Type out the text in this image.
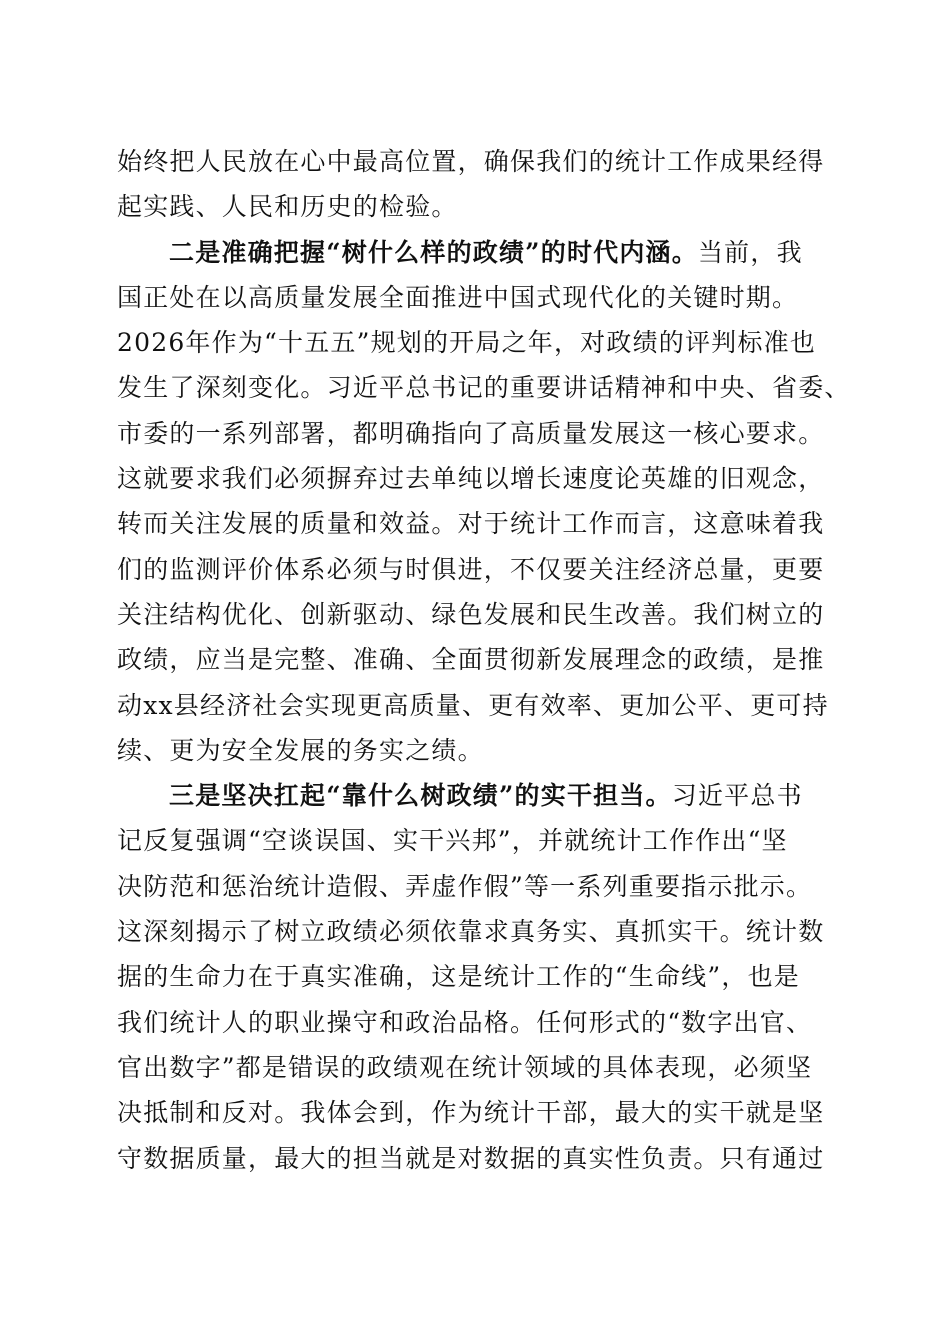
始终把人民放在心中最高位置，确保我们的统计工作成果经得
起实践、人民和历史的检验。
二是准确把握“树什么样的政绩”的时代内涵。当前，我
国正处在以高质量发展全面推进中国式现代化的关键时期。
2026年作为“十五五”规划的开局之年，对政绩的评判标准也
发生了深刻变化。习近平总书记的重要讲话精神和中央、省委、
市委的一系列部署，都明确指向了高质量发展这一核心要求。
这就要求我们必须摒弃过去单纯以增长速度论英雄的旧观念，
转而关注发展的质量和效益。对于统计工作而言，这意味着我
们的监测评价体系必须与时俱进，不仅要关注经济总量，更要
关注结构优化、创新驱动、绿色发展和民生改善。我们树立的
政绩，应当是完整、准确、全面贯彻新发展理念的政绩，是推
动xx县经济社会实现更高质量、更有效率、更加公平、更可持
续、更为安全发展的务实之绩。
三是坚决扛起“靠什么树政绩”的实干担当。习近平总书
记反复强调“空谈误国、实干兴邦”，并就统计工作作出“坚
决防范和惩治统计造假、弄虚作假”等一系列重要指示批示。
这深刻揭示了树立政绩必须依靠求真务实、真抓实干。统计数
据的生命力在于真实准确，这是统计工作的“生命线”，也是
我们统计人的职业操守和政治品格。任何形式的“数字出官、
官出数字”都是错误的政绩观在统计领域的具体表现，必须坚
决抵制和反对。我体会到，作为统计干部，最大的实干就是坚
守数据质量，最大的担当就是对数据的真实性负责。只有通过
